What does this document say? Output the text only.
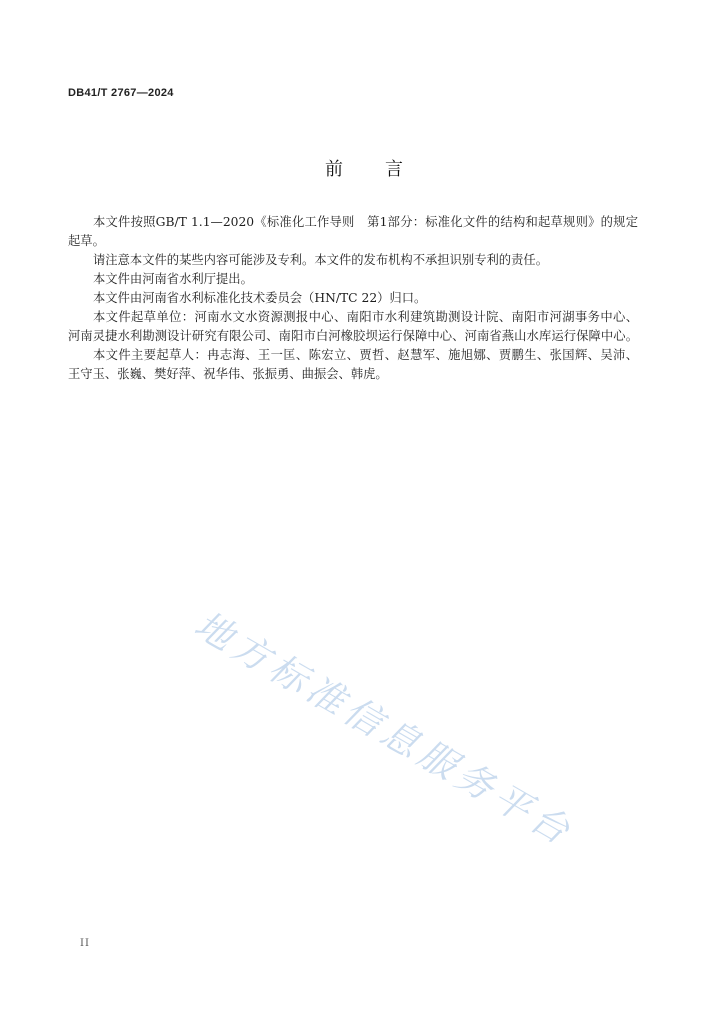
DB41/T 2767—2024
前　　言
本文件按照GB/T 1.1—2020《标准化工作导则　第1部分：标准化文件的结构和起草规则》的规定
起草。
请注意本文件的某些内容可能涉及专利。本文件的发布机构不承担识别专利的责任。
本文件由河南省水利厅提出。
本文件由河南省水利标准化技术委员会（HN/TC 22）归口。
本文件起草单位：河南水文水资源测报中心、南阳市水利建筑勘测设计院、南阳市河湖事务中心、
河南灵捷水利勘测设计研究有限公司、南阳市白河橡胶坝运行保障中心、河南省燕山水库运行保障中心。
本文件主要起草人：冉志海、王一匡、陈宏立、贾哲、赵慧军、施旭娜、贾鹏生、张国辉、吴沛、
王守玉、张巍、樊好萍、祝华伟、张振勇、曲振会、韩虎。
地方标准信息服务平台
II
